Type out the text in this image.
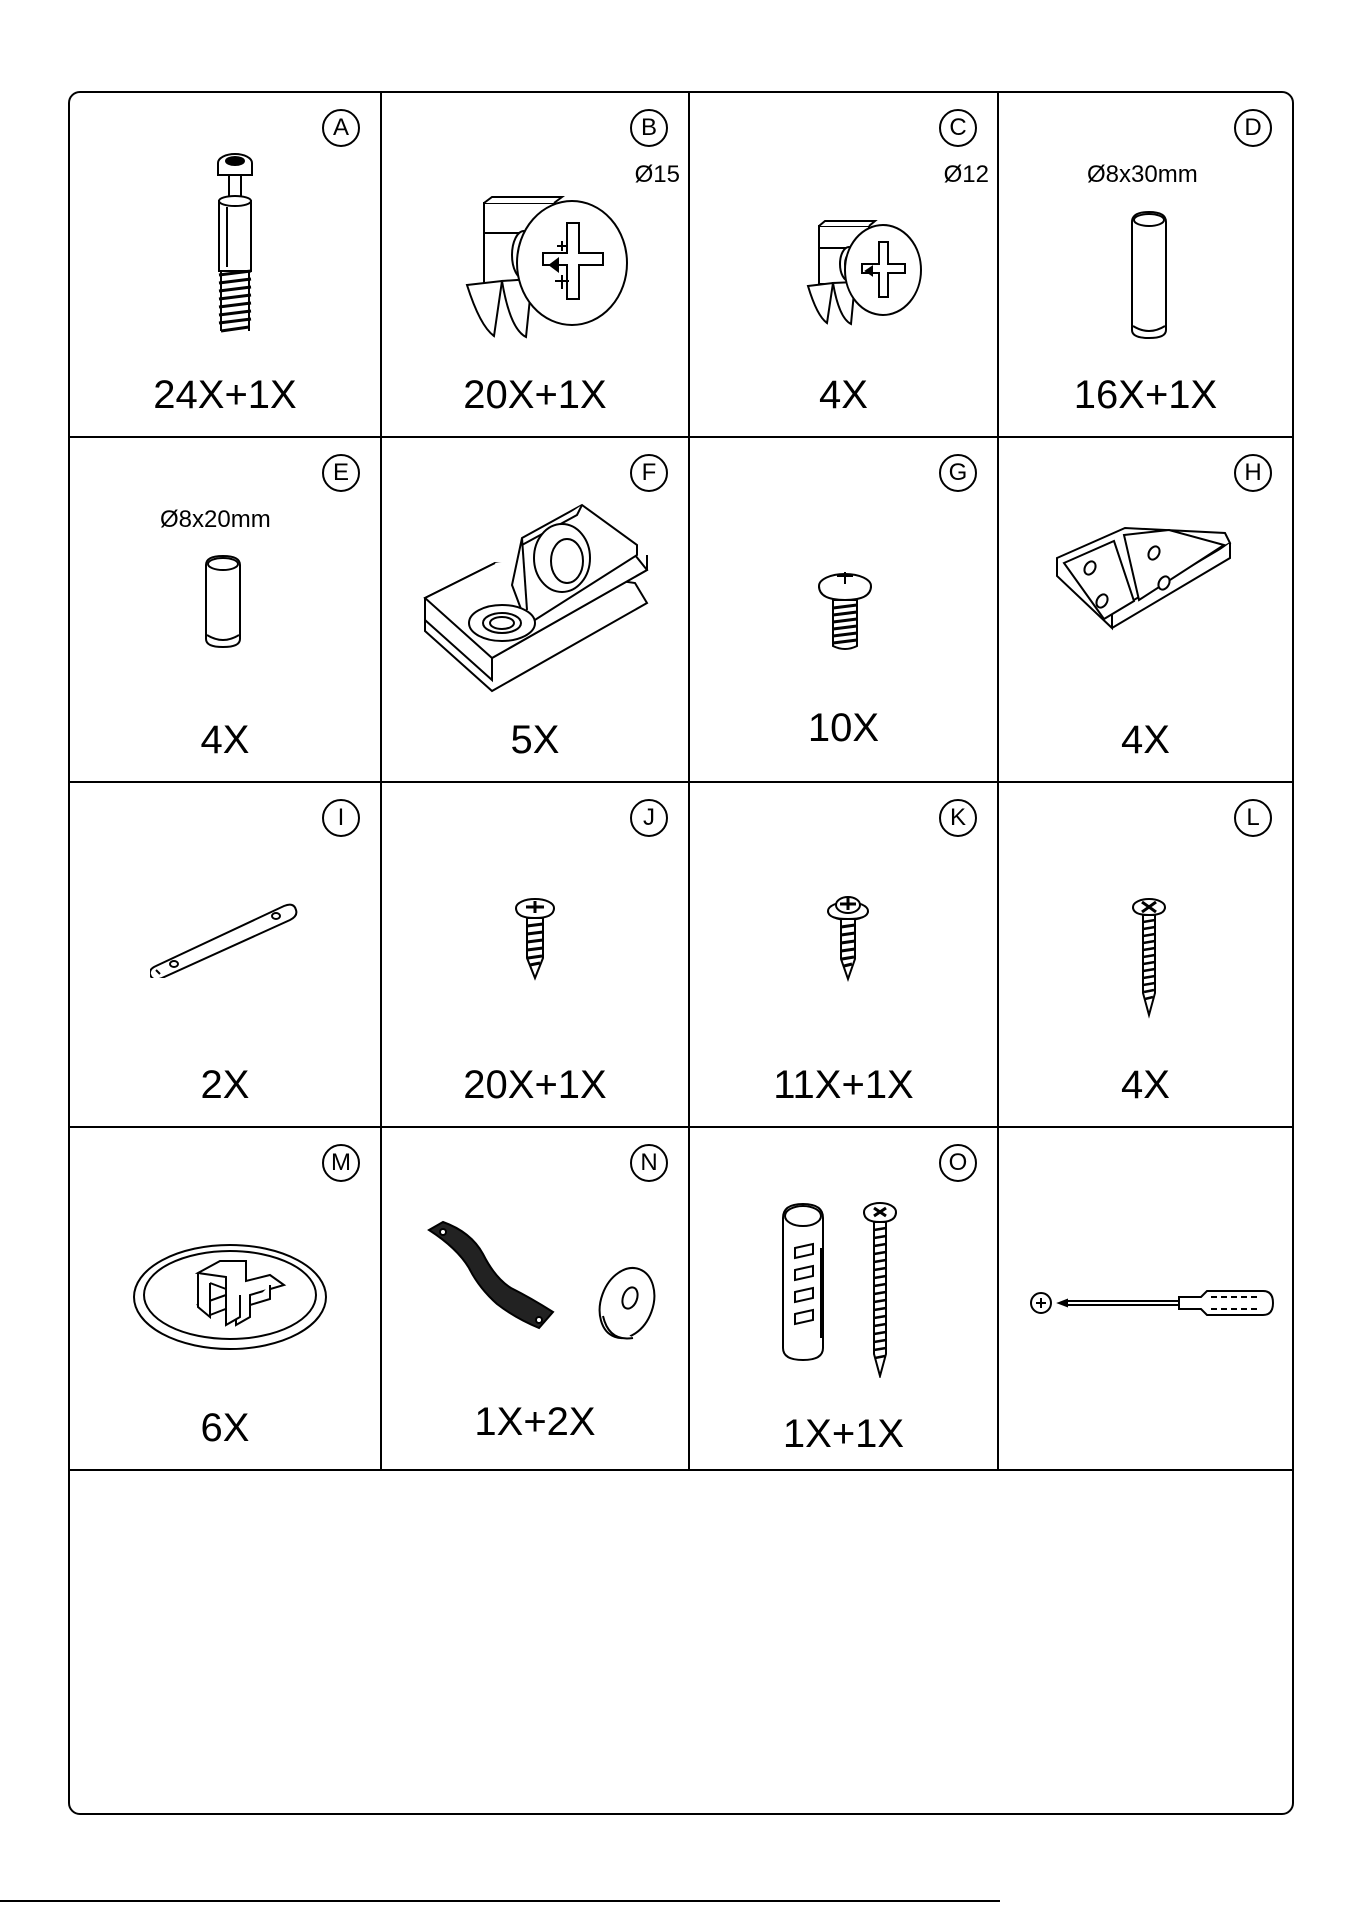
A
24X+1X
B
Ø15
20X+1X
C
Ø12
4X
D
Ø8x30mm
16X+1X
E
Ø8x20mm
4X
F
5X
G
10X
H
4X
I
2X
J
20X+1X
K
11X+1X
L
4X
M
6X
N
1X+2X
O
1X+1X
